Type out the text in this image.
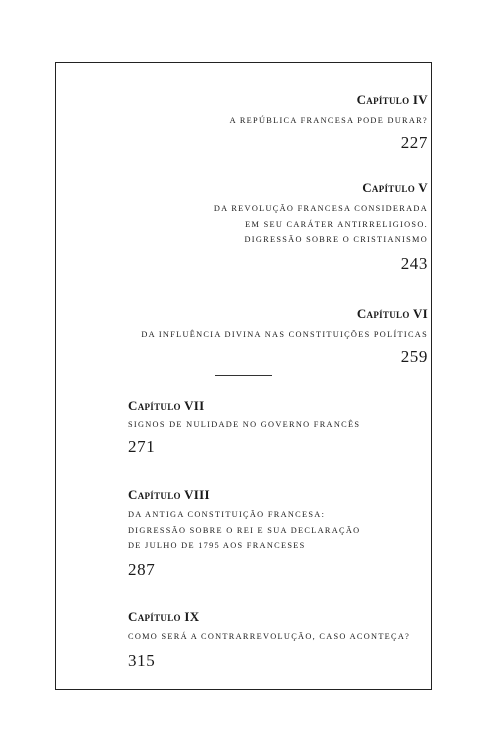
Capítulo IV

A REPÚBLICA FRANCESA PODE DURAR?

227

Capítulo V

DA REVOLUÇÃO FRANCESA CONSIDERADA

EM SEU CARÁTER ANTIRRELIGIOSO.

DIGRESSÃO SOBRE O CRISTIANISMO

243

Capítulo VI

DA INFLUÊNCIA DIVINA NAS CONSTITUIÇÕES POLÍTICAS

259

Capítulo VII

SIGNOS DE NULIDADE NO GOVERNO FRANCÊS

271

Capítulo VIII

DA ANTIGA CONSTITUIÇÃO FRANCESA:

DIGRESSÃO SOBRE O REI E SUA DECLARAÇÃO

DE JULHO DE 1795 AOS FRANCESES

287

Capítulo IX

COMO SERÁ A CONTRARREVOLUÇÃO, CASO ACONTEÇA?

315
